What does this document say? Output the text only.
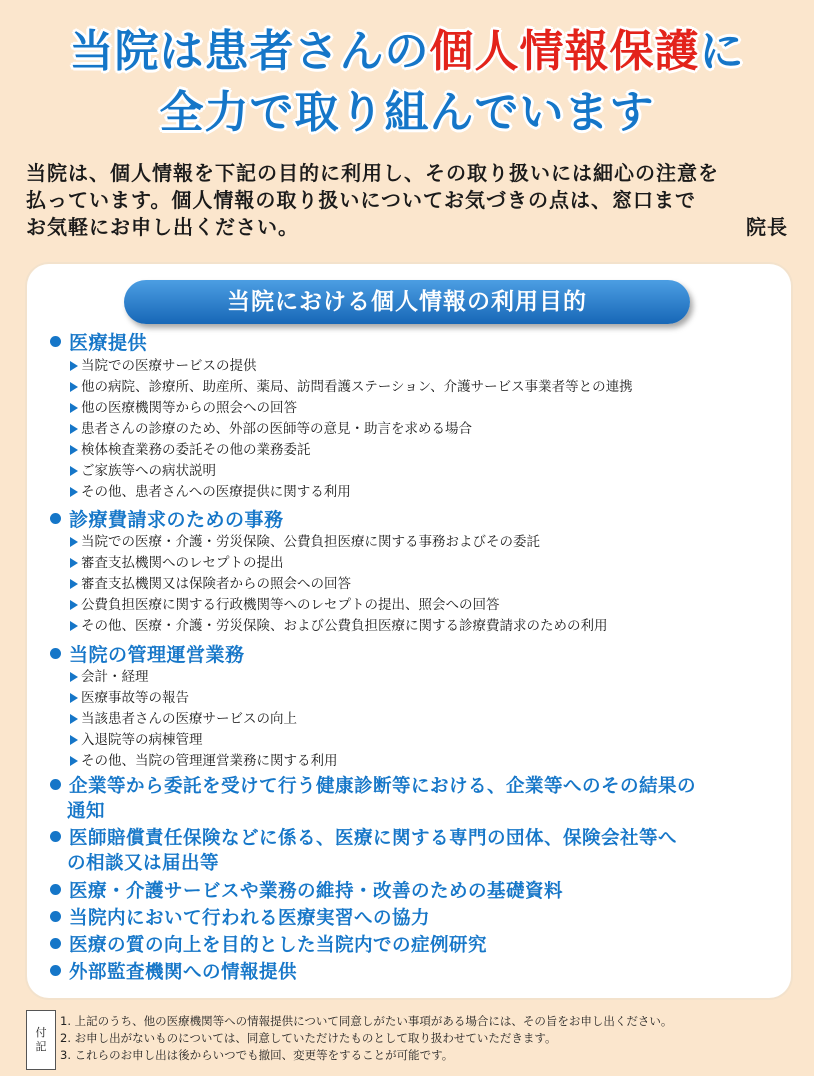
当院は患者さんの個人情報保護に
全力で取り組んでいます
当院は、個人情報を下記の目的に利用し、その取り扱いには細心の注意を
払っています。個人情報の取り扱いについてお気づきの点は、窓口まで
お気軽にお申し出ください。	院長
当院における個人情報の利用目的
医療提供
当院での医療サービスの提供
他の病院、診療所、助産所、薬局、訪問看護ステーション、介護サービス事業者等との連携
他の医療機関等からの照会への回答
患者さんの診療のため、外部の医師等の意見・助言を求める場合
検体検査業務の委託その他の業務委託
ご家族等への病状説明
その他、患者さんへの医療提供に関する利用
診療費請求のための事務
当院での医療・介護・労災保険、公費負担医療に関する事務およびその委託
審査支払機関へのレセプトの提出
審査支払機関又は保険者からの照会への回答
公費負担医療に関する行政機関等へのレセプトの提出、照会への回答
その他、医療・介護・労災保険、および公費負担医療に関する診療費請求のための利用
当院の管理運営業務
会計・経理
医療事故等の報告
当該患者さんの医療サービスの向上
入退院等の病棟管理
その他、当院の管理運営業務に関する利用
企業等から委託を受けて行う健康診断等における、企業等へのその結果の
通知
医師賠償責任保険などに係る、医療に関する専門の団体、保険会社等へ
の相談又は届出等
医療・介護サービスや業務の維持・改善のための基礎資料
当院内において行われる医療実習への協力
医療の質の向上を目的とした当院内での症例研究
外部監査機関への情報提供
付
記
1. 上記のうち、他の医療機関等への情報提供について同意しがたい事項がある場合には、その旨をお申し出ください。
2. お申し出がないものについては、同意していただけたものとして取り扱わせていただきます。
3. これらのお申し出は後からいつでも撤回、変更等をすることが可能です。
